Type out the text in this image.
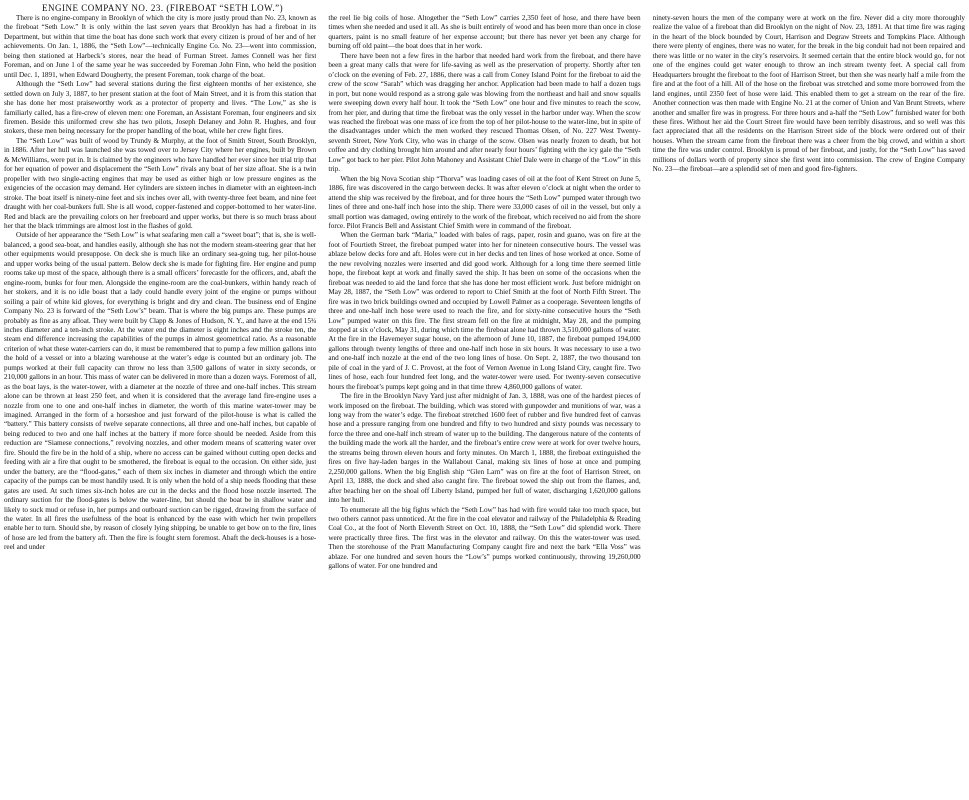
ENGINE COMPANY NO. 23. (FIREBOAT “SETH LOW.”)

There is no engine-company in Brooklyn of which the city is more justly proud than No. 23, known as the fireboat “Seth Low.” It is only within the last seven years that Brooklyn has had a fireboat in its Department, but within that time the boat has done such work that every citizen is proud of her and of her achievements. On Jan. 1, 1886, the “Seth Low”—technically Engine Co. No. 23—went into commission, being then stationed at Harbeck’s stores, near the head of Furman Street. James Connell was her first Foreman, and on June 1 of the same year he was succeeded by Foreman John Finn, who held the position until Dec. 1, 1891, when Edward Dougherty, the present Foreman, took charge of the boat.

Although the “Seth Low” had several stations during the first eighteen months of her existence, she settled down on July 3, 1887, to her present station at the foot of Main Street, and it is from this station that she has done her most praiseworthy work as a protector of property and lives. “The Low,” as she is familiarly called, has a fire-crew of eleven men: one Foreman, an Assistant Foreman, four engineers and six firemen. Beside this uniformed crew she has two pilots, Joseph Delaney and John R. Hughes, and four stokers, these men being necessary for the proper handling of the boat, while her crew fight fires.

The “Seth Low” was built of wood by Trundy & Murphy, at the foot of Smith Street, South Brooklyn, in 1886. After her hull was launched she was towed over to Jersey City where her engines, built by Brown & McWilliams, were put in. It is claimed by the engineers who have handled her ever since her trial trip that for her equation of power and displacement the “Seth Low” rivals any boat of her size afloat. She is a twin propeller with two single-acting engines that may be used as either high or low pressure engines as the exigencies of the occasion may demand. Her cylinders are sixteen inches in diameter with an eighteen-inch stroke. The boat itself is ninety-nine feet and six inches over all, with twenty-three feet beam, and nine feet draught with her coal-bunkers full. She is all wood, copper-fastened and copper-bottomed to her water-line. Red and black are the prevailing colors on her freeboard and upper works, but there is so much brass about her that the black trimmings are almost lost in the flashes of gold.

Outside of her appearance the “Seth Low” is what seafaring men call a “sweet boat”; that is, she is well-balanced, a good sea-boat, and handles easily, although she has not the modern steam-steering gear that her other equipments would presuppose. On deck she is much like an ordinary sea-going tug, her pilot-house and upper works being of the usual pattern. Below deck she is made for fighting fire. Her engine and pump rooms take up most of the space, although there is a small officers’ forecastle for the officers, and, abaft the engine-room, bunks for four men. Alongside the engine-room are the coal-bunkers, within handy reach of her stokers, and it is no idle boast that a lady could handle every joint of the engine or pumps without soiling a pair of white kid gloves, for everything is bright and dry and clean. The business end of Engine Company No. 23 is forward of the “Seth Low’s” beam. That is where the big pumps are. These pumps are probably as fine as any afloat. They were built by Clapp & Jones of Hudson, N. Y., and have at the end 15¾ inches diameter and a ten-inch stroke. At the water end the diameter is eight inches and the stroke ten, the steam end difference increasing the capabilities of the pumps in almost geometrical ratio. As a reasonable criterion of what these water-carriers can do, it must be remembered that to pump a few million gallons into the hold of a vessel or into a blazing warehouse at the water’s edge is counted but an ordinary job. The pumps worked at their full capacity can throw no less than 3,500 gallons of water in sixty seconds, or 210,000 gallons in an hour. This mass of water can be delivered in more than a dozen ways. Foremost of all, as the boat lays, is the water-tower, with a diameter at the nozzle of three and one-half inches. This stream alone can be thrown at least 250 feet, and when it is considered that the average land fire-engine uses a nozzle from one to one and one-half inches in diameter, the worth of this marine water-tower may be imagined. Arranged in the form of a horseshoe and just forward of the pilot-house is what is called the “battery.” This battery consists of twelve separate connections, all three and one-half inches, but capable of being reduced to two and one half inches at the battery if more force should be needed. Aside from this reduction are “Siamese connections,” revolving nozzles, and other modern means of scattering water over fire. Should the fire be in the hold of a ship, where no access can be gained without cutting open decks and feeding with air a fire that ought to be smothered, the fireboat is equal to the occasion. On either side, just under the battery, are the “flood-gates,” each of them six inches in diameter and through which the entire capacity of the pumps can be most handily used. It is only when the hold of a ship needs flooding that these gates are used. At such times six-inch holes are cut in the decks and the flood hose nozzle inserted. The ordinary suction for the flood-gates is below the water-line, but should the boat be in shallow water and likely to suck mud or refuse in, her pumps and outboard suction can be rigged, drawing from the surface of the water. In all fires the usefulness of the boat is enhanced by the ease with which her twin propellers enable her to turn. Should she, by reason of closely lying shipping, be unable to get bow on to the fire, lines of hose are led from the battery aft. Then the fire is fought stern foremost. Abaft the deck-houses is a hose-reel and under

the reel lie big coils of hose. Altogether the “Seth Low” carries 2,350 feet of hose, and there have been times when she needed and used it all. As she is built entirely of wood and has been more than once in close quarters, paint is no small feature of her expense account; but there has never yet been any charge for burning off old paint—the boat does that in her work.

There have been not a few fires in the harbor that needed hard work from the fireboat, and there have been a great many calls that were for life-saving as well as the preservation of property. Shortly after ten o’clock on the evening of Feb. 27, 1886, there was a call from Coney Island Point for the fireboat to aid the crew of the scow “Sarah” which was dragging her anchor. Application had been made to half a dozen tugs in port, but none would respond as a strong gale was blowing from the northeast and hail and snow squalls were sweeping down every half hour. It took the “Seth Low” one hour and five minutes to reach the scow, from her pier, and during that time the fireboat was the only vessel in the harbor under way. When the scow was reached the fireboat was one mass of ice from the top of her pilot-house to the water-line, but in spite of the disadvantages under which the men worked they rescued Thomas Olsen, of No. 227 West Twenty-seventh Street, New York City, who was in charge of the scow. Olsen was nearly frozen to death, but hot coffee and dry clothing brought him around and after nearly four hours’ fighting with the icy gale the “Seth Low” got back to her pier. Pilot John Mahoney and Assistant Chief Dale were in charge of the “Low” in this trip.

When the big Nova Scotian ship “Thorva” was loading cases of oil at the foot of Kent Street on June 5, 1886, fire was discovered in the cargo between decks. It was after eleven o’clock at night when the order to attend the ship was received by the fireboat, and for three hours the “Seth Low” pumped water through two lines of three and one-half inch hose into the ship. There were 33,000 cases of oil in the vessel, but only a small portion was damaged, owing entirely to the work of the fireboat, which received no aid from the shore force. Pilot Francis Bell and Assistant Chief Smith were in command of the fireboat.

When the German bark “Maria,” loaded with bales of rags, paper, rosin and guano, was on fire at the foot of Fourtieth Street, the fireboat pumped water into her for nineteen consecutive hours. The vessel was ablaze below decks fore and aft. Holes were cut in her decks and ten lines of hose worked at once. Some of the new revolving nozzles were inserted and did good work. Although for a long time there seemed little hope, the fireboat kept at work and finally saved the ship. It has been on some of the occasions when the fireboat was needed to aid the land force that she has done her most efficient work. Just before midnight on May 28, 1887, the “Seth Low” was ordered to report to Chief Smith at the foot of North Fifth Street. The fire was in two brick buildings owned and occupied by Lowell Palmer as a cooperage. Seventeen lengths of three and one-half inch hose were used to reach the fire, and for sixty-nine consecutive hours the “Seth Low” pumped water on this fire. The first stream fell on the fire at midnight, May 28, and the pumping stopped at six o’clock, May 31, during which time the fireboat alone had thrown 3,510,000 gallons of water. At the fire in the Havemeyer sugar house, on the afternoon of June 10, 1887, the fireboat pumped 194,000 gallons through twenty lengths of three and one-half inch hose in six hours. It was necessary to use a two and one-half inch nozzle at the end of the two long lines of hose. On Sept. 2, 1887, the two thousand ton pile of coal in the yard of J. C. Provost, at the foot of Vernon Avenue in Long Island City, caught fire. Two lines of hose, each four hundred feet long, and the water-tower were used. For twenty-seven consecutive hours the fireboat’s pumps kept going and in that time threw 4,860,000 gallons of water.

The fire in the Brooklyn Navy Yard just after midnight of Jan. 3, 1888, was one of the hardest pieces of work imposed on the fireboat. The building, which was stored with gunpowder and munitions of war, was a long way from the water’s edge. The fireboat stretched 1600 feet of rubber and five hundred feet of canvas hose and a pressure ranging from one hundred and fifty to two hundred and sixty pounds was necessary to force the three and one-half inch stream of water up to the building. The dangerous nature of the contents of the building made the work all the harder, and the fireboat’s entire crew were at work for over twelve hours, the streams being thrown eleven hours and forty minutes. On March 1, 1888, the fireboat extinguished the fires on five hay-laden barges in the Wallabout Canal, making six lines of hose at once and pumping 2,250,000 gallons. When the big English ship “Glen Larn” was on fire at the foot of Harrison Street, on April 13, 1888, the dock and shed also caught fire. The fireboat towed the ship out from the flames, and, after beaching her on the shoal off Liberty Island, pumped her full of water, discharging 1,620,000 gallons into her hull.

To enumerate all the big fights which the “Seth Low” has had with fire would take too much space, but two others cannot pass unnoticed. At the fire in the coal elevator and railway of the Philadelphia & Reading Coal Co., at the foot of North Eleventh Street on Oct. 10, 1888, the “Seth Low” did splendid work. There were practically three fires. The first was in the elevator and railway. On this the water-tower was used. Then the storehouse of the Pratt Manufacturing Company caught fire and next the bark “Ella Voss” was ablaze. For one hundred and seven hours the “Low’s” pumps worked continuously, throwing 19,260,000 gallons of water. For one hundred and

ninety-seven hours the men of the company were at work on the fire. Never did a city more thoroughly realize the value of a fireboat than did Brooklyn on the night of Nov. 23, 1891. At that time fire was raging in the heart of the block bounded by Court, Harrison and Degraw Streets and Tompkins Place. Although there were plenty of engines, there was no water, for the break in the big conduit had not been repaired and there was little or no water in the city’s reservoirs. It seemed certain that the entire block would go, for not one of the engines could get water enough to throw an inch stream twenty feet. A special call from Headquarters brought the fireboat to the foot of Harrison Street, but then she was nearly half a mile from the fire and at the foot of a hill. All of the hose on the fireboat was stretched and some more borrowed from the land engines, until 2350 feet of hose were laid. This enabled them to get a stream on the rear of the fire. Another connection was then made with Engine No. 21 at the corner of Union and Van Brunt Streets, where another and smaller fire was in progress. For three hours and a-half the “Seth Low” furnished water for both these fires. Without her aid the Court Street fire would have been terribly disastrous, and so well was this fact appreciated that all the residents on the Harrison Street side of the block were ordered out of their houses. When the stream came from the fireboat there was a cheer from the big crowd, and within a short time the fire was under control. Brooklyn is proud of her fireboat, and justly, for the “Seth Low” has saved millions of dollars worth of property since she first went into commission. The crew of Engine Company No. 23—the fireboat—are a splendid set of men and good fire-fighters.
